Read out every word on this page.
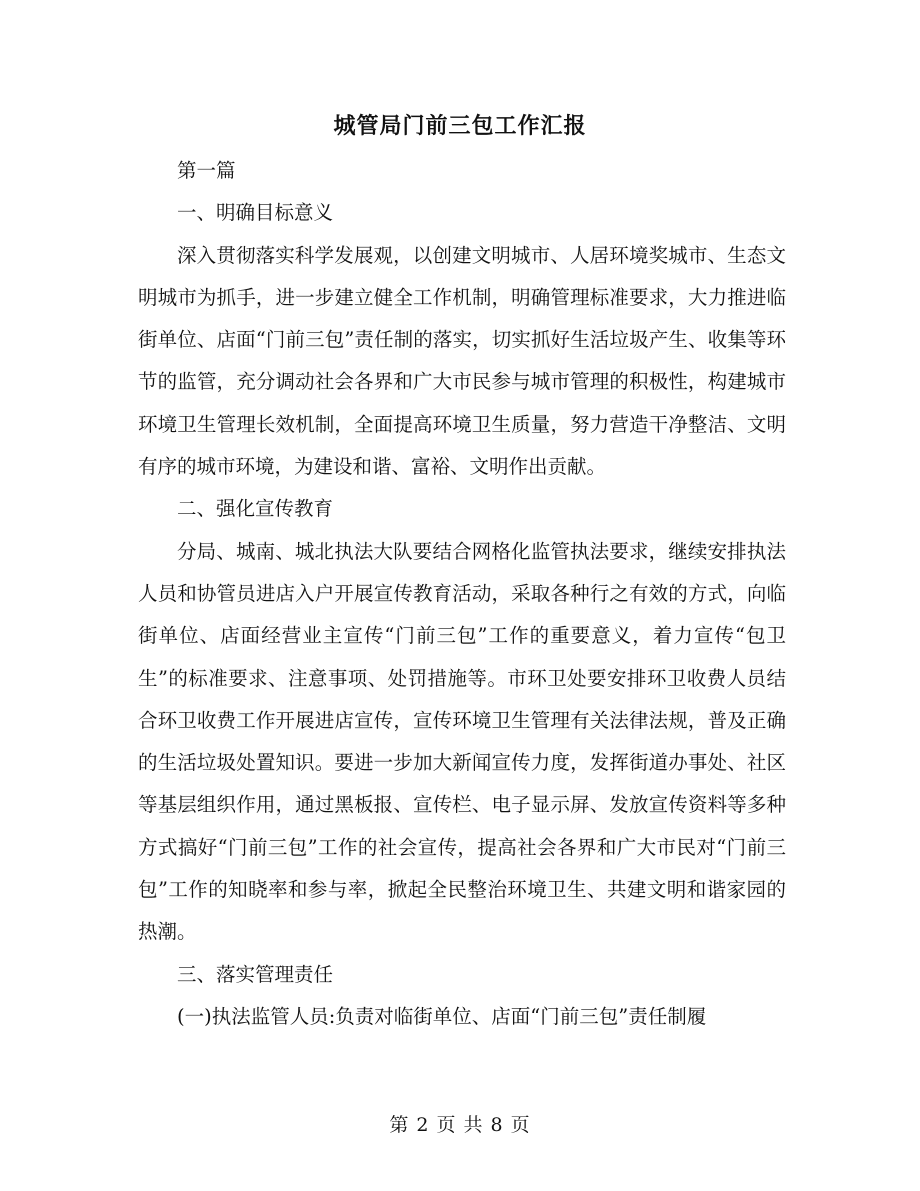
城管局门前三包工作汇报

第一篇

一、明确目标意义

深入贯彻落实科学发展观，以创建文明城市、人居环境奖城市、生态文明城市为抓手，进一步建立健全工作机制，明确管理标准要求，大力推进临街单位、店面“门前三包”责任制的落实，切实抓好生活垃圾产生、收集等环节的监管，充分调动社会各界和广大市民参与城市管理的积极性，构建城市环境卫生管理长效机制，全面提高环境卫生质量，努力营造干净整洁、文明有序的城市环境，为建设和谐、富裕、文明作出贡献。

二、强化宣传教育

分局、城南、城北执法大队要结合网格化监管执法要求，继续安排执法人员和协管员进店入户开展宣传教育活动，采取各种行之有效的方式，向临街单位、店面经营业主宣传“门前三包”工作的重要意义，着力宣传“包卫生”的标准要求、注意事项、处罚措施等。市环卫处要安排环卫收费人员结合环卫收费工作开展进店宣传，宣传环境卫生管理有关法律法规，普及正确的生活垃圾处置知识。要进一步加大新闻宣传力度，发挥街道办事处、社区等基层组织作用，通过黑板报、宣传栏、电子显示屏、发放宣传资料等多种方式搞好“门前三包”工作的社会宣传，提高社会各界和广大市民对“门前三包”工作的知晓率和参与率，掀起全民整治环境卫生、共建文明和谐家园的热潮。

三、落实管理责任

(一)执法监管人员:负责对临街单位、店面“门前三包”责任制履

第 2 页 共 8 页
